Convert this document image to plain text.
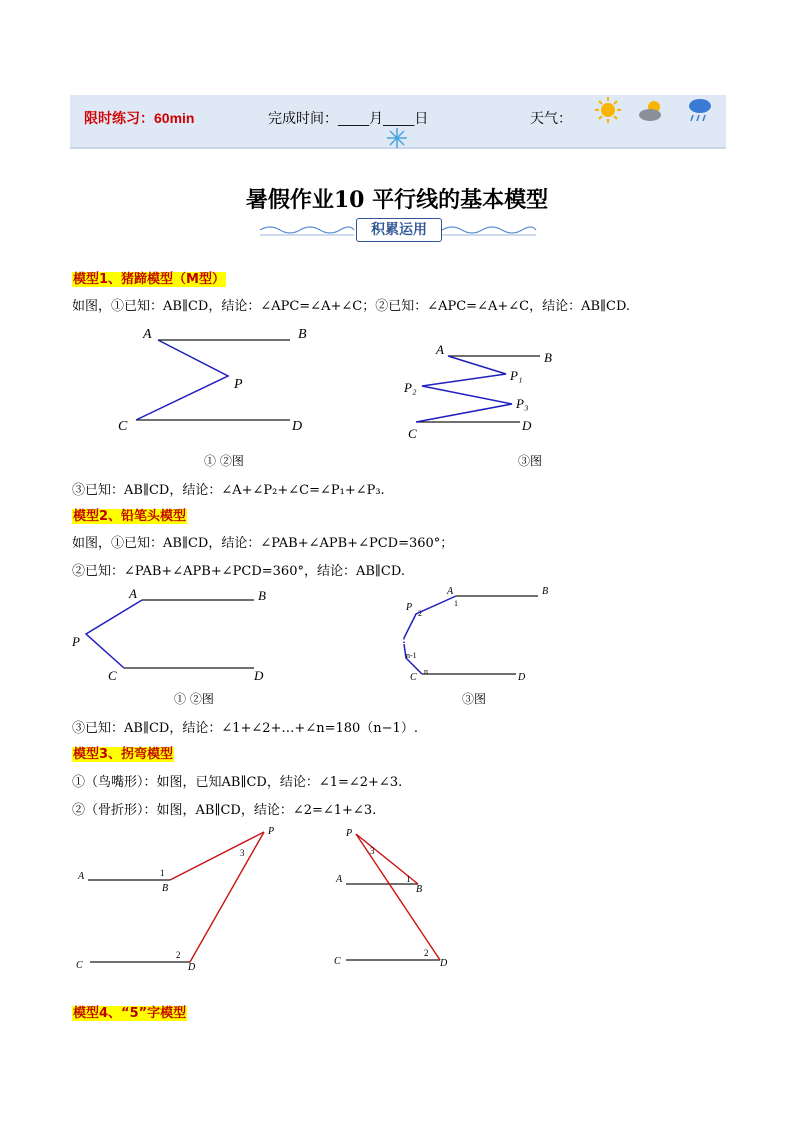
限时练习：60min	完成时间：____月____日	天气：
暑假作业10 平行线的基本模型
积累运用
模型1、猪蹄模型（M型）
如图，①已知：AB∥CD，结论：∠APC=∠A+∠C；②已知：∠APC=∠A+∠C，结论：AB∥CD.
A	B
P
C	D
A
B
P₁
P₂
P₃
C
D
① ②图	③图
③已知：AB∥CD，结论：∠A+∠P₂+∠C=∠P₁+∠P₃.
模型2、铅笔头模型
如图，①已知：AB∥CD，结论：∠PAB+∠APB+∠PCD=360°；
②已知：∠PAB+∠APB+∠PCD=360°，结论：AB∥CD.
A	B
P
C	D
A	B
P	1
2
n-1
n
C	D
① ②图	③图
③已知：AB∥CD，结论：∠1+∠2+…+∠n=180（n−1）.
模型3、拐弯模型
①（鸟嘴形）：如图，已知AB∥CD，结论：∠1=∠2+∠3.
②（骨折形）：如图，AB∥CD，结论：∠2=∠1+∠3.
A
B
1
P
3
C
2
D
P
3
A	1
B
C
2
D
模型4、“5”字模型
